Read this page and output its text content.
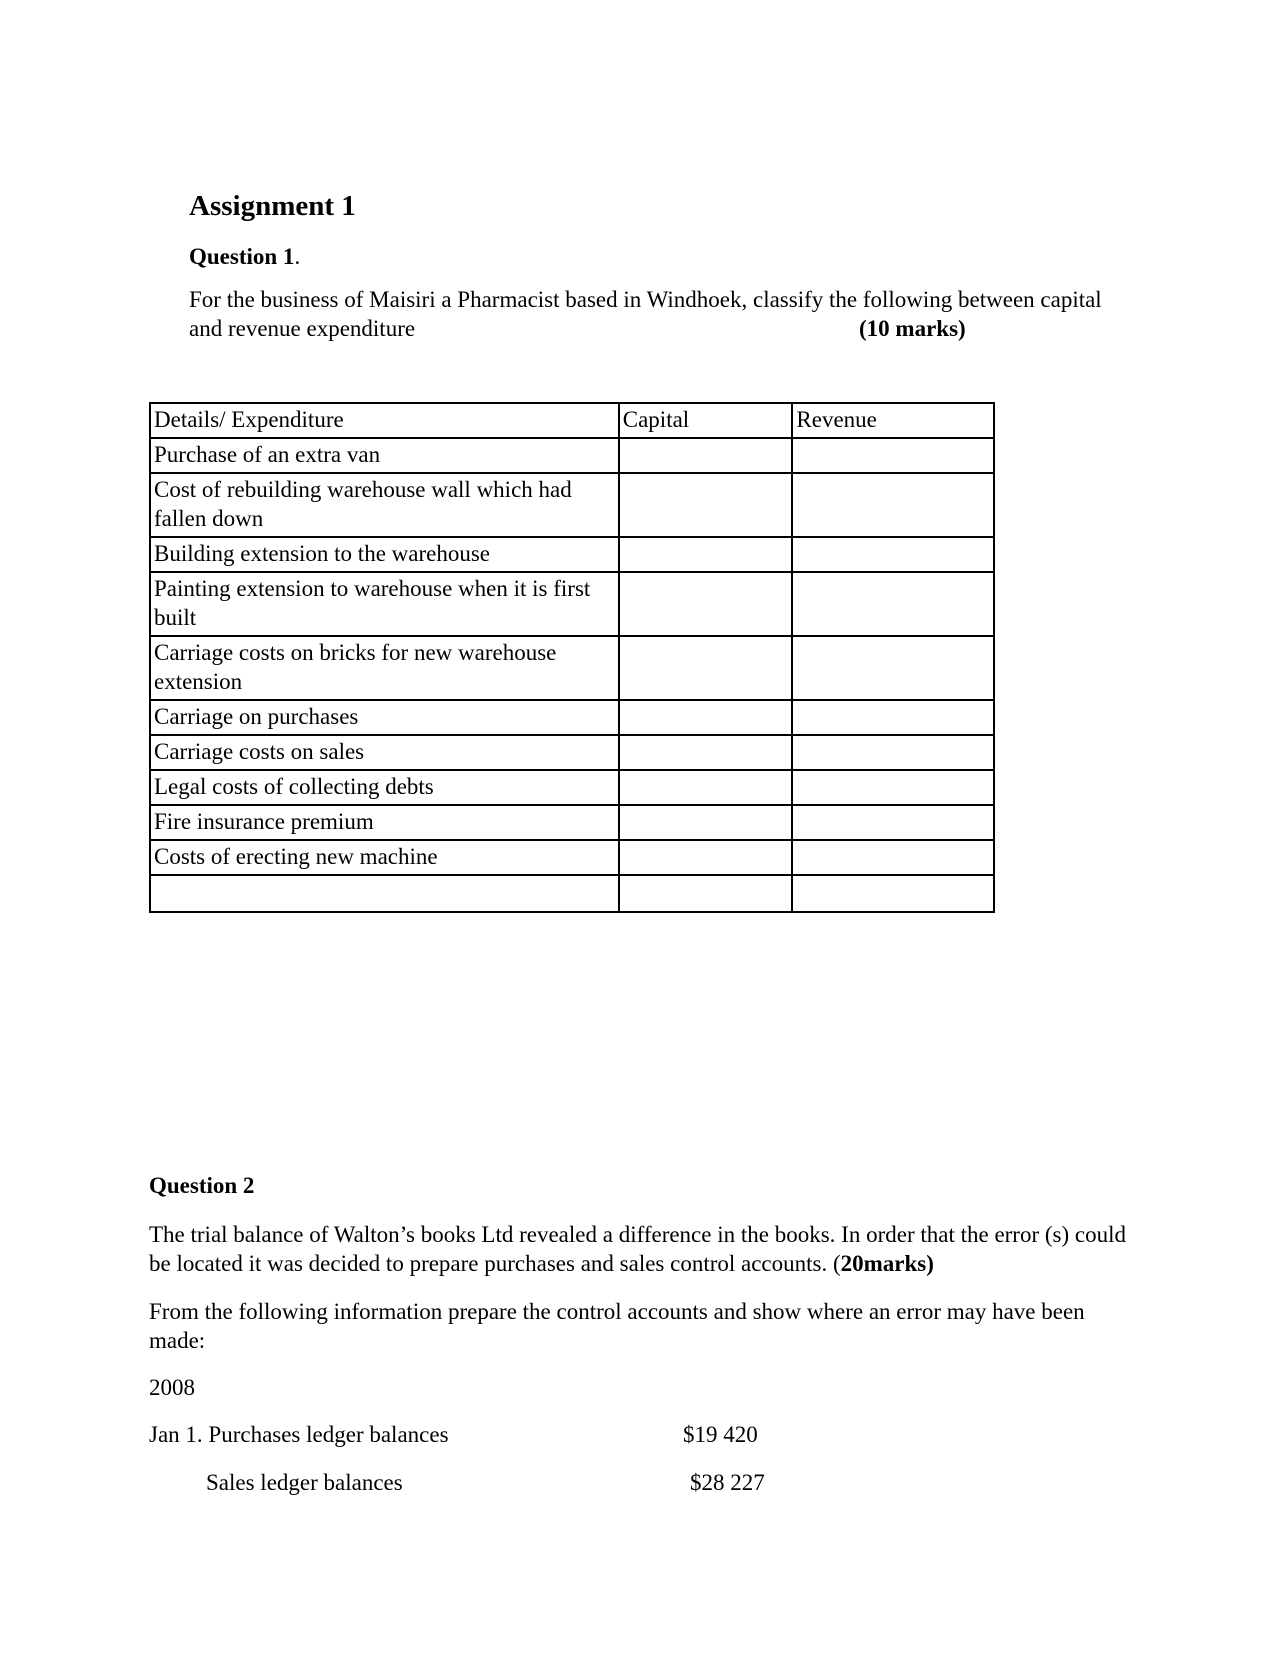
Assignment 1
Question 1.
For the business of Maisiri a Pharmacist based in Windhoek, classify the following between capital and revenue expenditure	(10 marks)
Details/ Expenditure	Capital	Revenue
Purchase of an extra van		
Cost of rebuilding warehouse wall which had fallen down		
Building extension to the warehouse		
Painting extension to warehouse when it is first built		
Carriage costs on bricks for new warehouse extension		
Carriage on purchases		
Carriage costs on sales		
Legal costs of collecting debts		
Fire insurance premium		
Costs of erecting new machine		

Question 2
The trial balance of Walton’s books Ltd revealed a difference in the books. In order that the error (s) could be located it was decided to prepare purchases and sales control accounts. (20marks)
From the following information prepare the control accounts and show where an error may have been made:
2008
Jan 1. Purchases ledger balances	$19 420
Sales ledger balances	$28 227
